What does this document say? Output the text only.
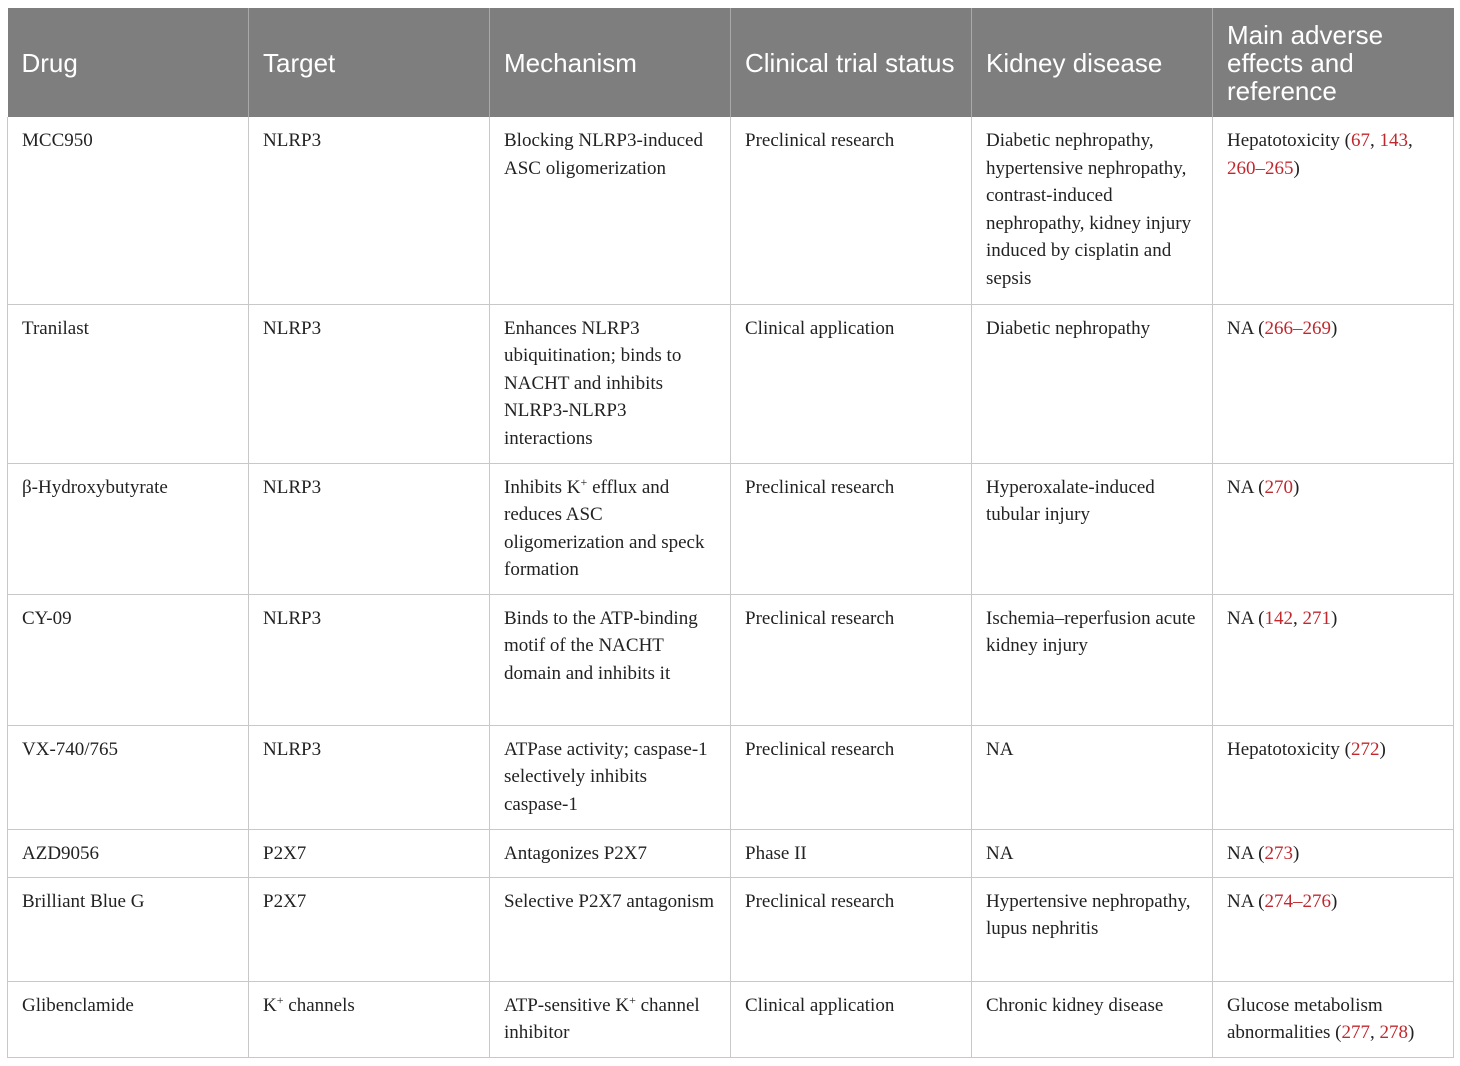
Drug	Target	Mechanism	Clinical trial status	Kidney disease	Main adverse effects and reference
MCC950	NLRP3	Blocking NLRP3-induced ASC oligomerization	Preclinical research	Diabetic nephropathy, hypertensive nephropathy, contrast-induced nephropathy, kidney injury induced by cisplatin and sepsis	Hepatotoxicity (67, 143, 260–265)
Tranilast	NLRP3	Enhances NLRP3 ubiquitination; binds to NACHT and inhibits NLRP3-NLRP3 interactions	Clinical application	Diabetic nephropathy	NA (266–269)
β-Hydroxybutyrate	NLRP3	Inhibits K+ efflux and reduces ASC oligomerization and speck formation	Preclinical research	Hyperoxalate-induced tubular injury	NA (270)
CY-09	NLRP3	Binds to the ATP-binding motif of the NACHT domain and inhibits it	Preclinical research	Ischemia–reperfusion acute kidney injury	NA (142, 271)
VX-740/765	NLRP3	ATPase activity; caspase-1 selectively inhibits caspase-1	Preclinical research	NA	Hepatotoxicity (272)
AZD9056	P2X7	Antagonizes P2X7	Phase II	NA	NA (273)
Brilliant Blue G	P2X7	Selective P2X7 antagonism	Preclinical research	Hypertensive nephropathy, lupus nephritis	NA (274–276)
Glibenclamide	K+ channels	ATP-sensitive K+ channel inhibitor	Clinical application	Chronic kidney disease	Glucose metabolism abnormalities (277, 278)
